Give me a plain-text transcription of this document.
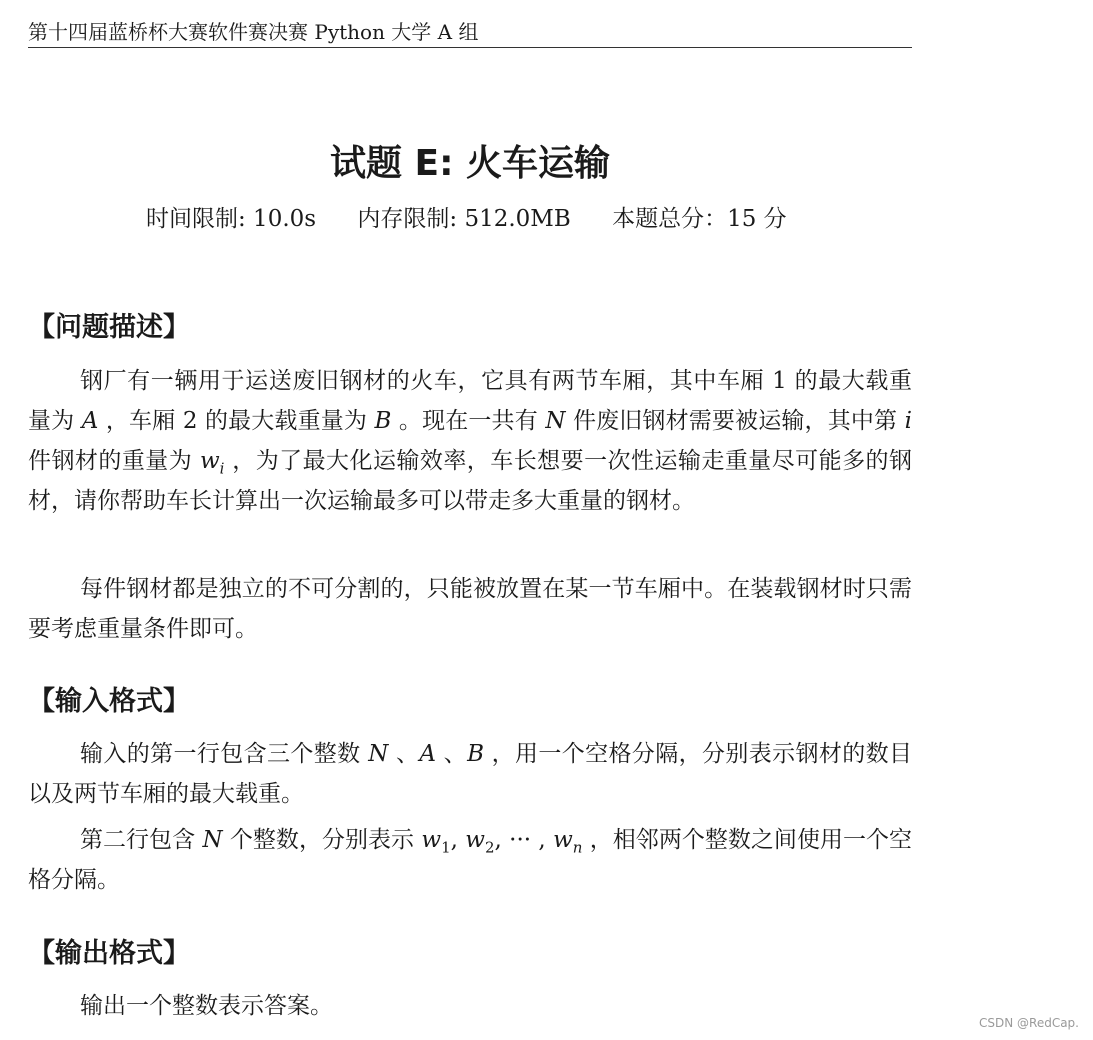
第十四届蓝桥杯大赛软件赛决赛 Python 大学 A 组
试题 E: 火车运输
时间限制: 10.0s 内存限制: 512.0MB 本题总分：15 分
【问题描述】
钢厂有一辆用于运送废旧钢材的火车，它具有两节车厢，其中车厢 1 的最大载重量为 A ，车厢 2 的最大载重量为 B 。现在一共有 N 件废旧钢材需要被运输，其中第 i 件钢材的重量为 $w_i$ ，为了最大化运输效率，车长想要一次性运输走重量尽可能多的钢材，请你帮助车长计算出一次运输最多可以带走多大重量的钢材。
每件钢材都是独立的不可分割的，只能被放置在某一节车厢中。在装载钢材时只需要考虑重量条件即可。
【输入格式】
输入的第一行包含三个整数 N 、A 、B ，用一个空格分隔，分别表示钢材的数目以及两节车厢的最大载重。
第二行包含 N 个整数，分别表示 $w_1$, $w_2$, ··· , $w_n$ ，相邻两个整数之间使用一个空格分隔。
【输出格式】
输出一个整数表示答案。
CSDN @RedCap.
